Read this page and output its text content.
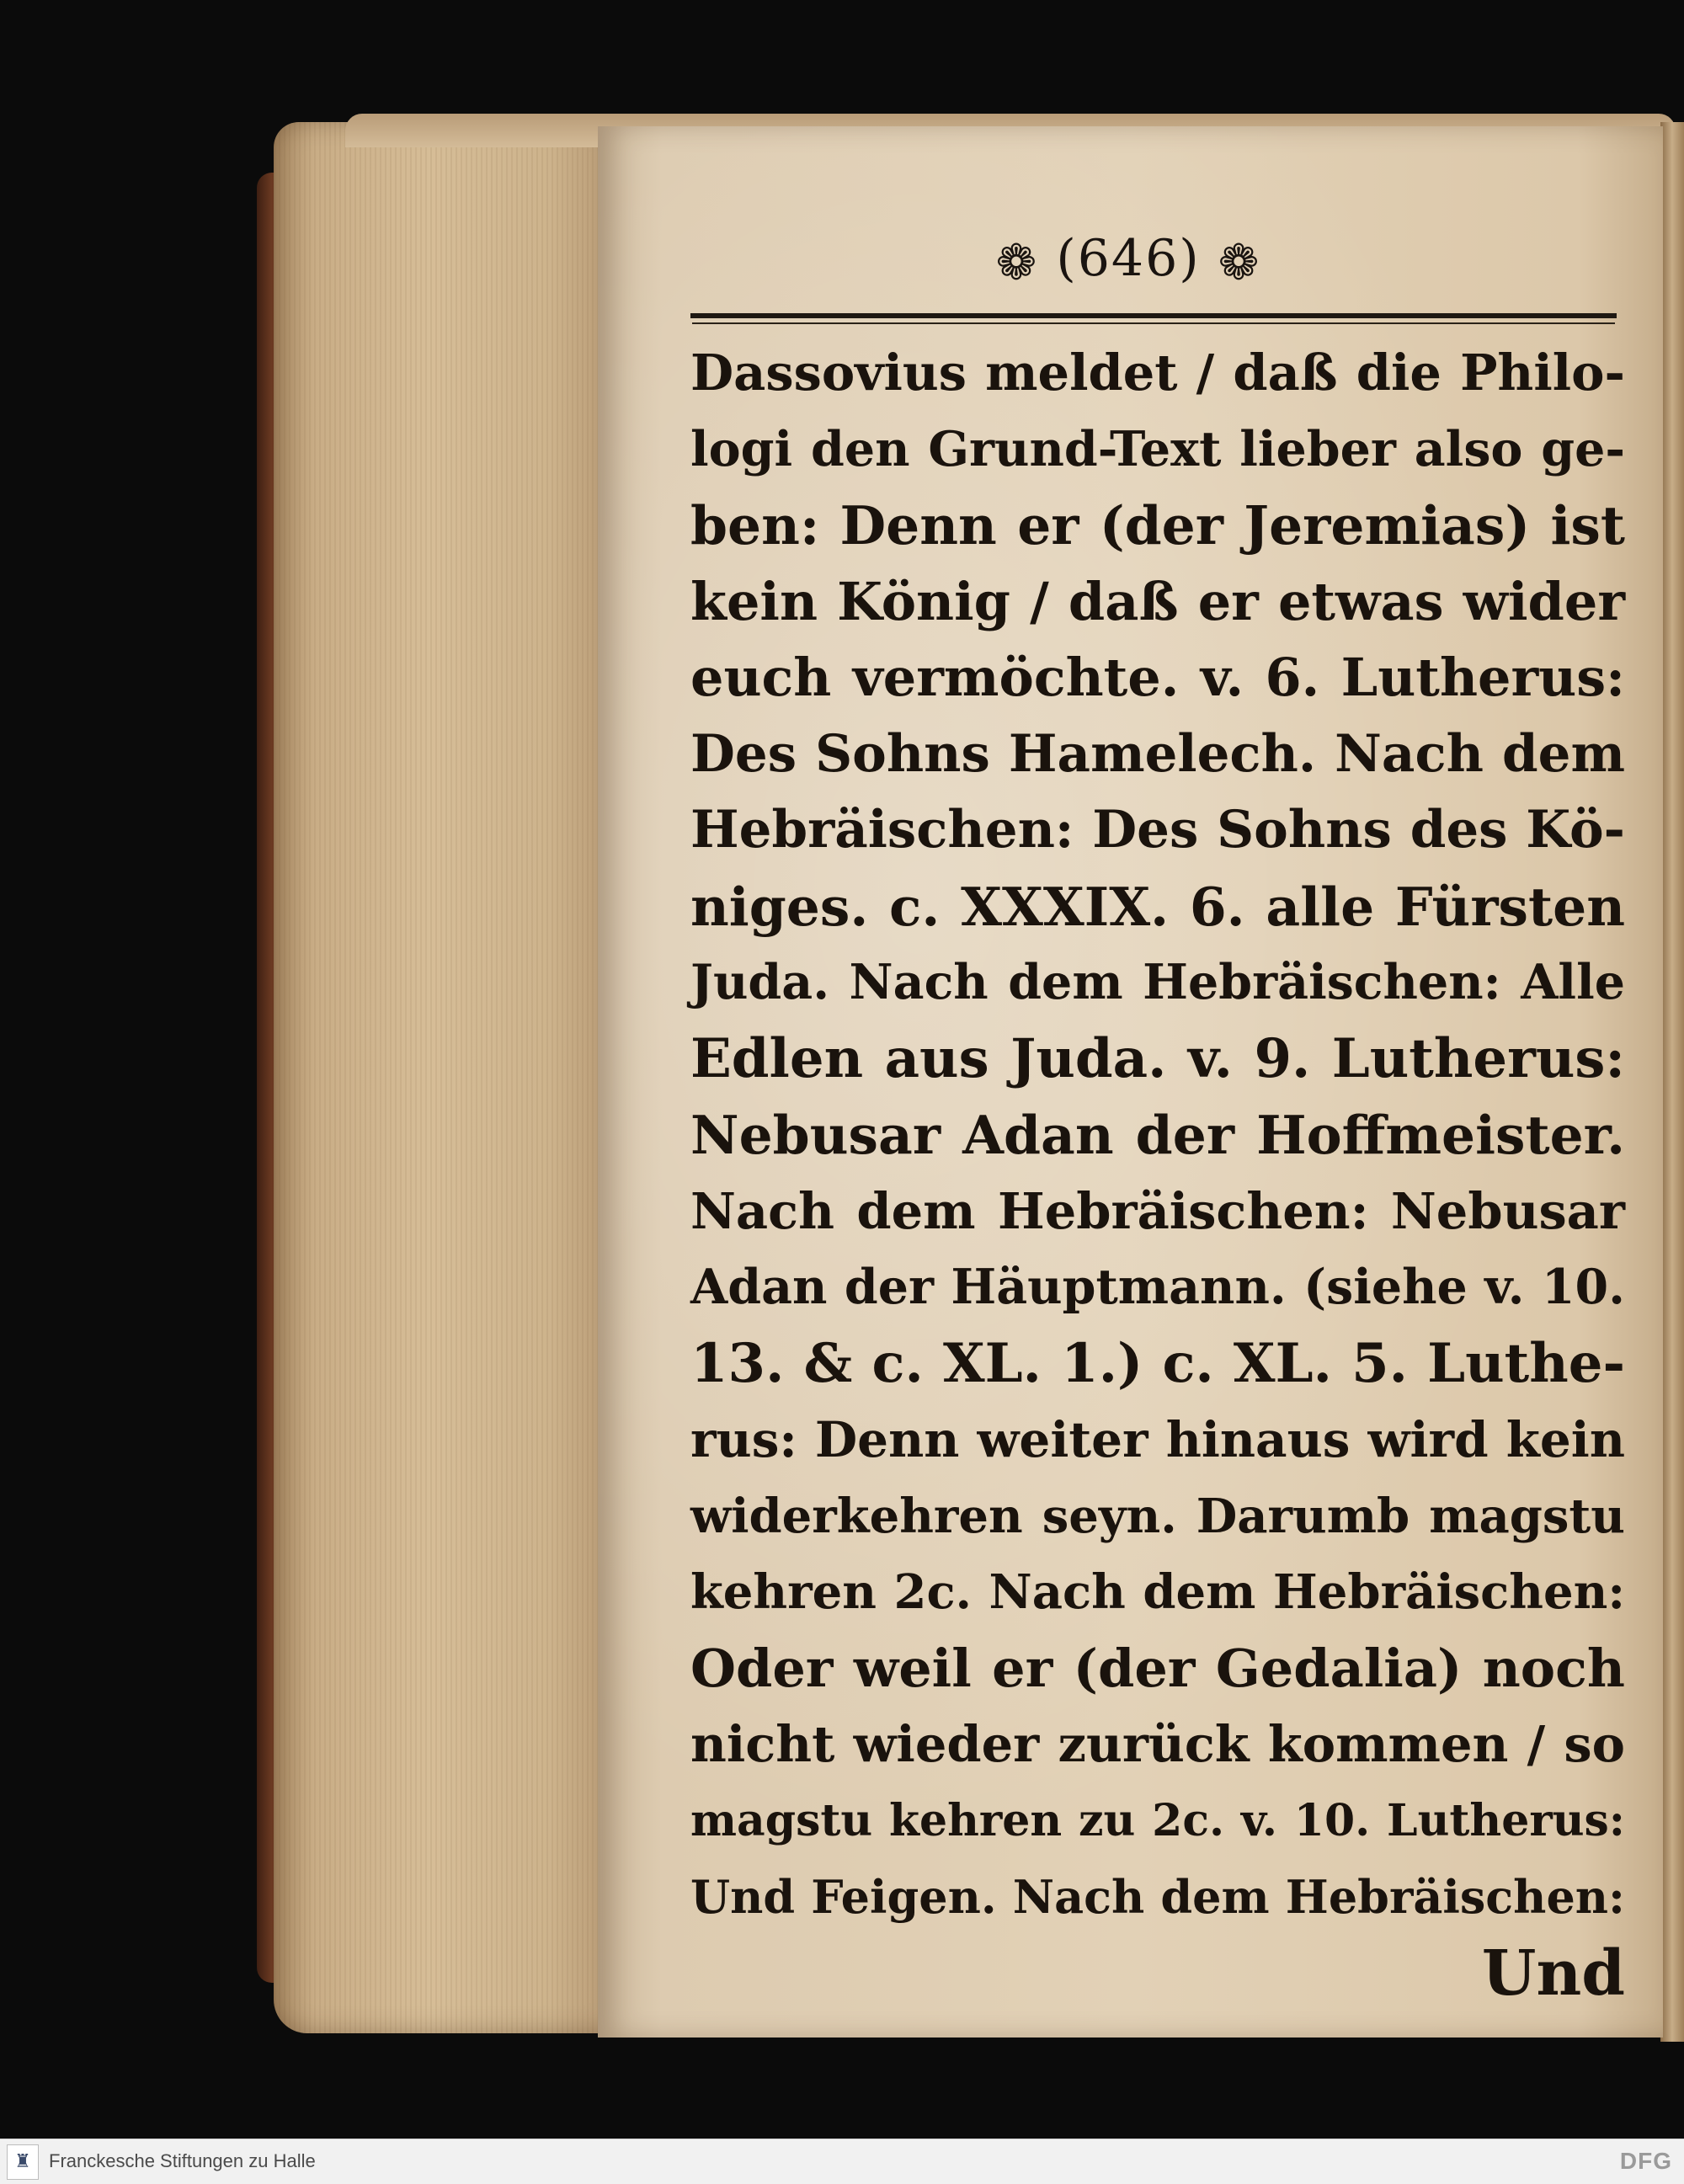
❁ (646) ❁
Dassovius meldet / daß die Philo-
logi den Grund-Text lieber also ge-
ben: Denn er (der Jeremias) ist
kein König / daß er etwas wider
euch vermöchte. v. 6. Lutherus:
Des Sohns Hamelech. Nach dem
Hebräischen: Des Sohns des Kö-
niges. c. XXXIX. 6. alle Fürsten
Juda. Nach dem Hebräischen: Alle
Edlen aus Juda. v. 9. Lutherus:
Nebusar Adan der Hoffmeister.
Nach dem Hebräischen: Nebusar
Adan der Häuptmann. (siehe v. 10.
13. & c. XL. 1.) c. XL. 5. Luthe-
rus: Denn weiter hinaus wird kein
widerkehren seyn. Darumb magstu
kehren 2c. Nach dem Hebräischen:
Oder weil er (der Gedalia) noch
nicht wieder zurück kommen / so
magstu kehren zu 2c. v. 10. Lutherus:
Und Feigen. Nach dem Hebräischen:
Und
♜ Franckesche Stiftungen zu Halle	DFG
